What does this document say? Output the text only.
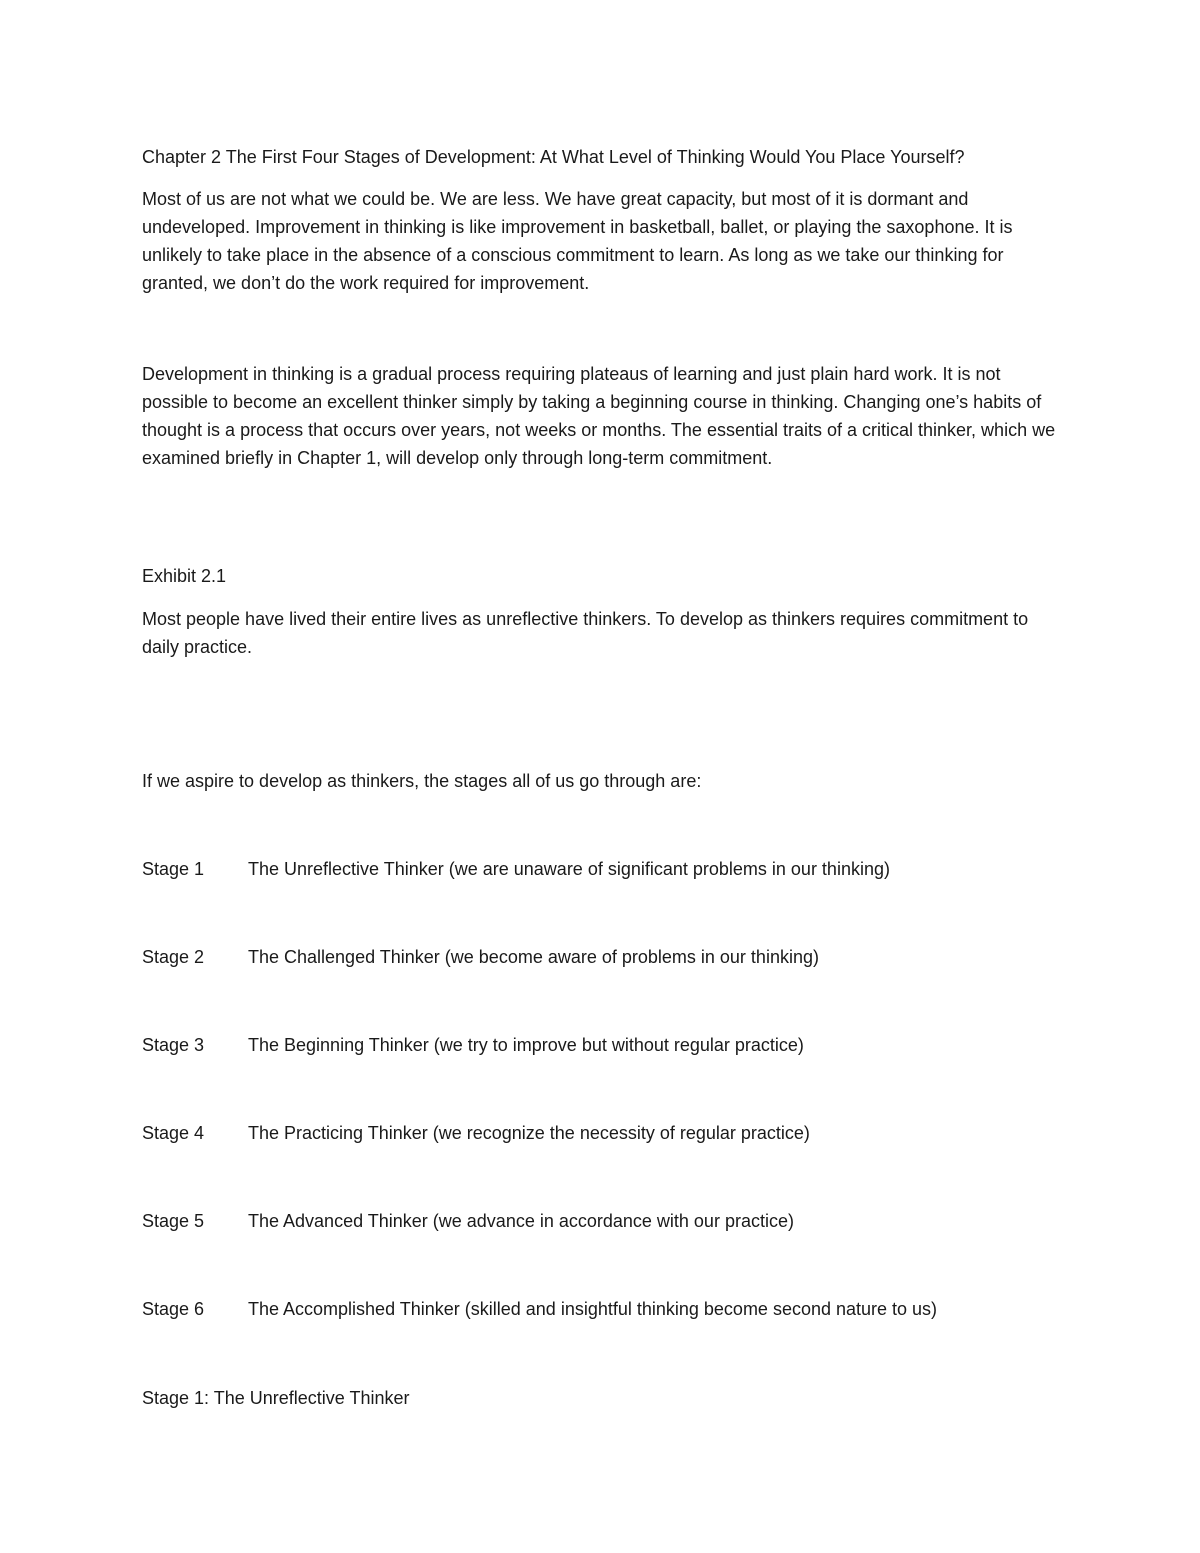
Chapter 2 The First Four Stages of Development: At What Level of Thinking Would You Place Yourself?

Most of us are not what we could be. We are less. We have great capacity, but most of it is dormant and undeveloped. Improvement in thinking is like improvement in basketball, ballet, or playing the saxophone. It is unlikely to take place in the absence of a conscious commitment to learn. As long as we take our thinking for granted, we don’t do the work required for improvement.

Development in thinking is a gradual process requiring plateaus of learning and just plain hard work. It is not possible to become an excellent thinker simply by taking a beginning course in thinking. Changing one’s habits of thought is a process that occurs over years, not weeks or months. The essential traits of a critical thinker, which we examined briefly in Chapter 1, will develop only through long-term commitment.

Exhibit 2.1

Most people have lived their entire lives as unreflective thinkers. To develop as thinkers requires commitment to daily practice.

If we aspire to develop as thinkers, the stages all of us go through are:

Stage 1	The Unreflective Thinker (we are unaware of significant problems in our thinking)
Stage 2	The Challenged Thinker (we become aware of problems in our thinking)
Stage 3	The Beginning Thinker (we try to improve but without regular practice)
Stage 4	The Practicing Thinker (we recognize the necessity of regular practice)
Stage 5	The Advanced Thinker (we advance in accordance with our practice)
Stage 6	The Accomplished Thinker (skilled and insightful thinking become second nature to us)

Stage 1: The Unreflective Thinker
